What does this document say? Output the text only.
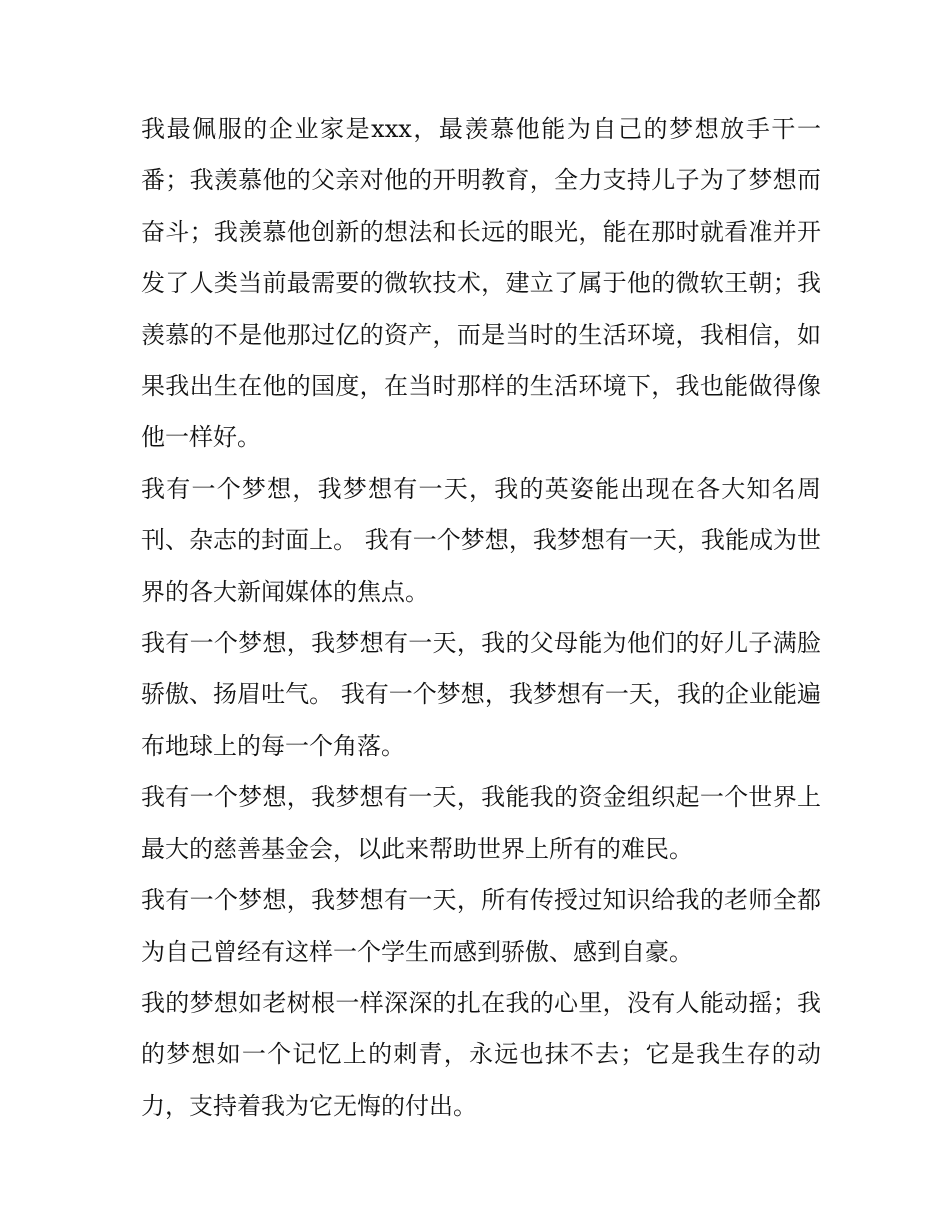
我最佩服的企业家是xxx，最羡慕他能为自己的梦想放手干一番；我羡慕他的父亲对他的开明教育，全力支持儿子为了梦想而奋斗；我羡慕他创新的想法和长远的眼光，能在那时就看准并开发了人类当前最需要的微软技术，建立了属于他的微软王朝；我羡慕的不是他那过亿的资产，而是当时的生活环境，我相信，如果我出生在他的国度，在当时那样的生活环境下，我也能做得像他一样好。

我有一个梦想，我梦想有一天，我的英姿能出现在各大知名周刊、杂志的封面上。 我有一个梦想，我梦想有一天，我能成为世界的各大新闻媒体的焦点。

我有一个梦想，我梦想有一天，我的父母能为他们的好儿子满脸骄傲、扬眉吐气。 我有一个梦想，我梦想有一天，我的企业能遍布地球上的每一个角落。

我有一个梦想，我梦想有一天，我能我的资金组织起一个世界上最大的慈善基金会，以此来帮助世界上所有的难民。

我有一个梦想，我梦想有一天，所有传授过知识给我的老师全都为自己曾经有这样一个学生而感到骄傲、感到自豪。

我的梦想如老树根一样深深的扎在我的心里，没有人能动摇；我的梦想如一个记忆上的刺青，永远也抹不去；它是我生存的动力，支持着我为它无悔的付出。
